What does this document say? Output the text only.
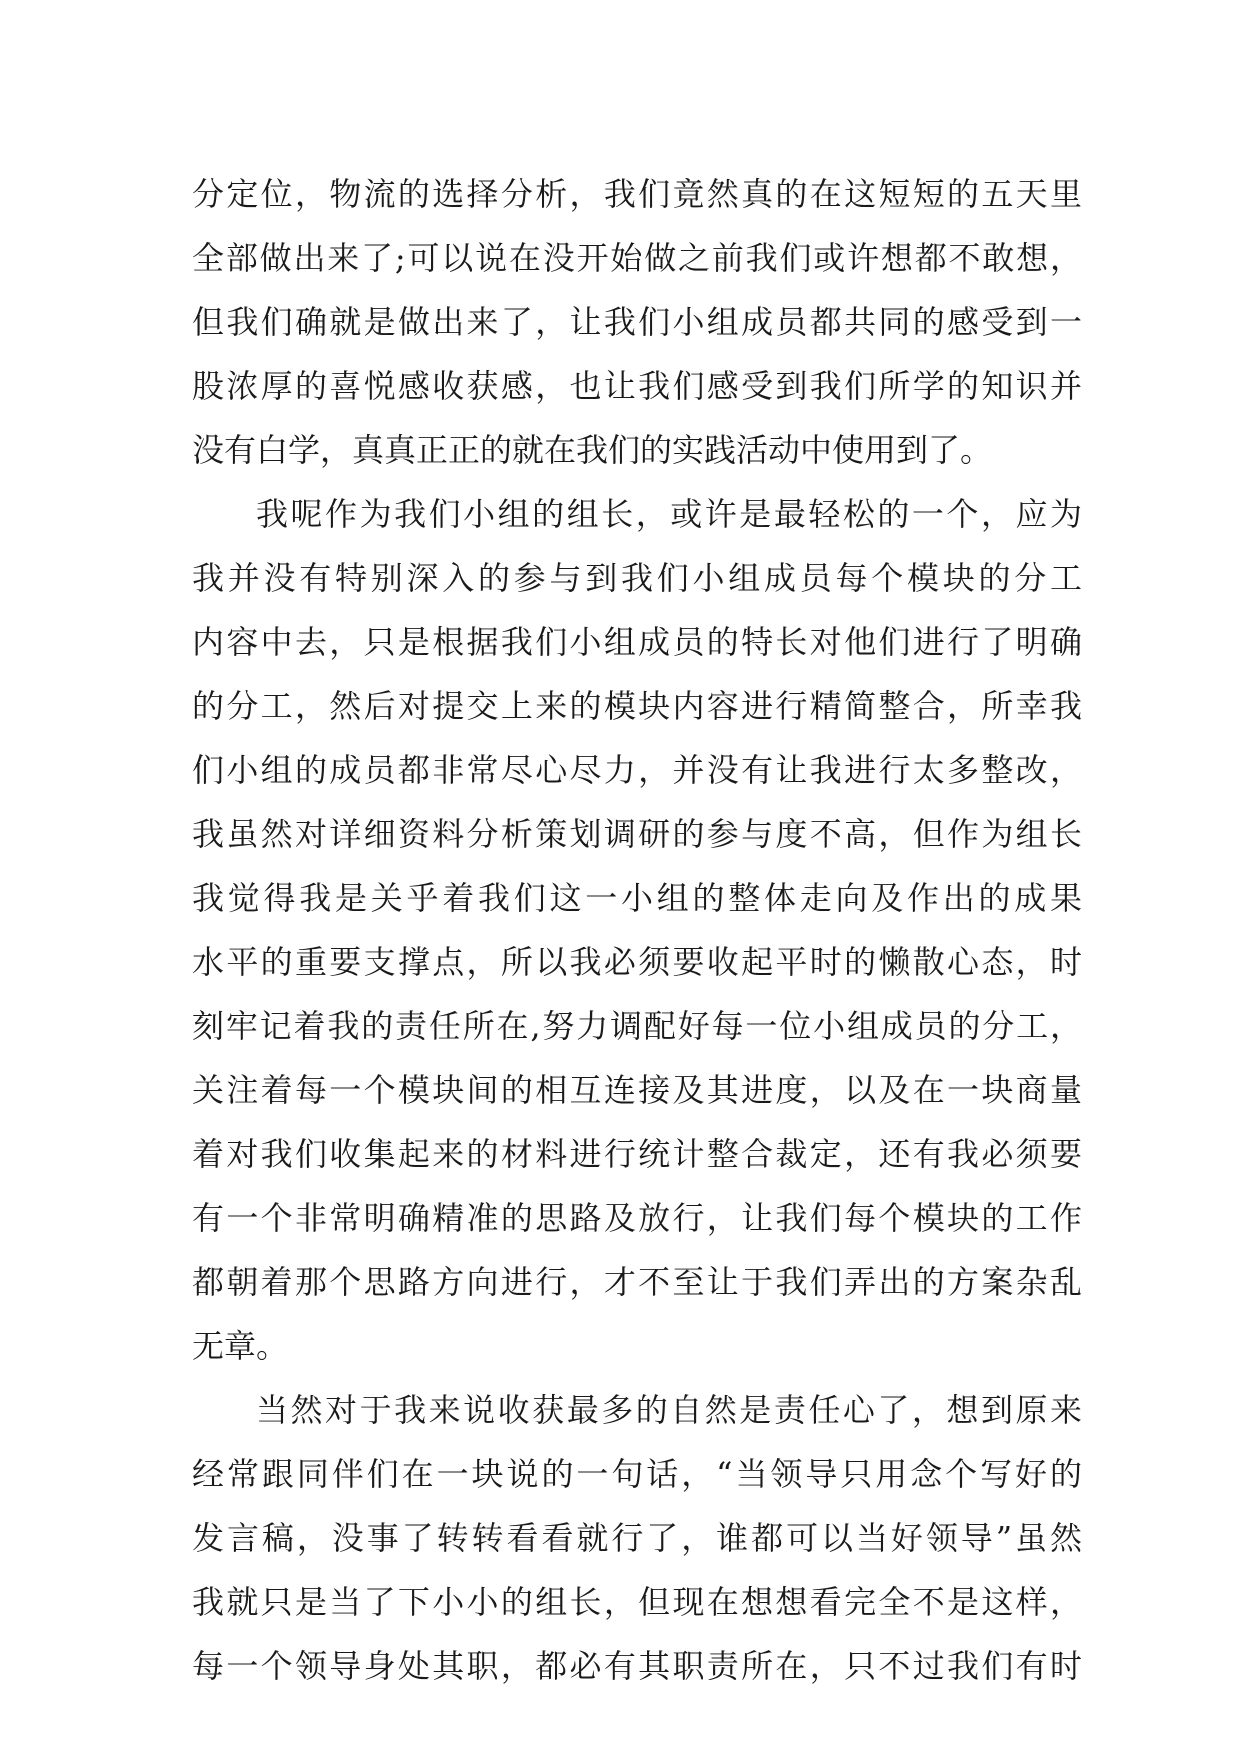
分定位，物流的选择分析，我们竟然真的在这短短的五天里
全部做出来了;可以说在没开始做之前我们或许想都不敢想，
但我们确就是做出来了，让我们小组成员都共同的感受到一
股浓厚的喜悦感收获感，也让我们感受到我们所学的知识并
没有白学，真真正正的就在我们的实践活动中使用到了。
我呢作为我们小组的组长，或许是最轻松的一个，应为
我并没有特别深入的参与到我们小组成员每个模块的分工
内容中去，只是根据我们小组成员的特长对他们进行了明确
的分工，然后对提交上来的模块内容进行精简整合，所幸我
们小组的成员都非常尽心尽力，并没有让我进行太多整改，
我虽然对详细资料分析策划调研的参与度不高，但作为组长
我觉得我是关乎着我们这一小组的整体走向及作出的成果
水平的重要支撑点，所以我必须要收起平时的懒散心态，时
刻牢记着我的责任所在,努力调配好每一位小组成员的分工，
关注着每一个模块间的相互连接及其进度，以及在一块商量
着对我们收集起来的材料进行统计整合裁定，还有我必须要
有一个非常明确精准的思路及放行，让我们每个模块的工作
都朝着那个思路方向进行，才不至让于我们弄出的方案杂乱
无章。
当然对于我来说收获最多的自然是责任心了，想到原来
经常跟同伴们在一块说的一句话，“当领导只用念个写好的
发言稿，没事了转转看看就行了，谁都可以当好领导”虽然
我就只是当了下小小的组长，但现在想想看完全不是这样，
每一个领导身处其职，都必有其职责所在，只不过我们有时
